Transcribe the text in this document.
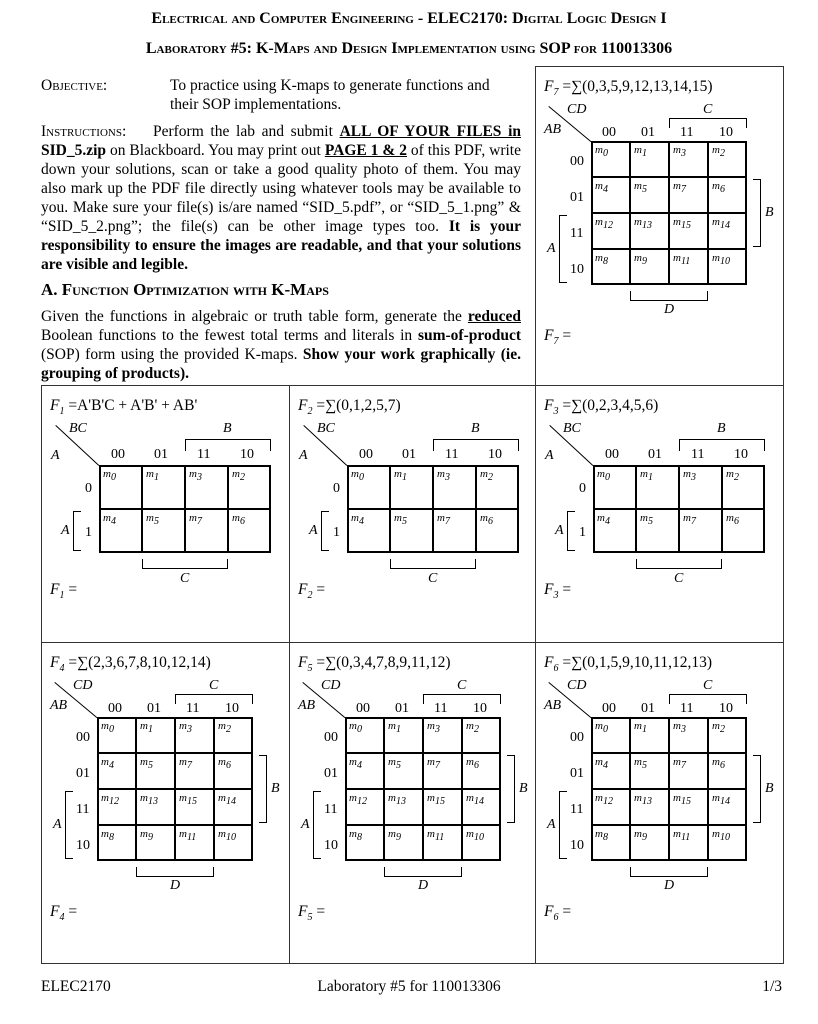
Electrical and Computer Engineering - ELEC2170: Digital Logic Design I
Laboratory #5: K-Maps and Design Implementation using SOP for 110013306
Objective:	To practice using K-maps to generate functions and their SOP implementations.
Instructions: Perform the lab and submit ALL OF YOUR FILES in SID_5.zip on Blackboard. You may print out PAGE 1 & 2 of this PDF, write down your solutions, scan or take a good quality photo of them. You may also mark up the PDF file directly using whatever tools may be available to you. Make sure your file(s) is/are named “SID_5.pdf”, or “SID_5_1.png” & “SID_5_2.png”; the file(s) can be other image types too. It is your responsibility to ensure the images are readable, and that your solutions are visible and legible.
A. Function Optimization with K-Maps
Given the functions in algebraic or truth table form, generate the reduced Boolean functions to the fewest total terms and literals in sum-of-product (SOP) form using the provided K-maps. Show your work graphically (ie. grouping of products).
$F_7 =\sum(0,3,5,9,12,13,14,15)$
CD
AB
C
00 01 11 10
$m_0$	$m_1$	$m_3$	$m_2$
$m_4$	$m_5$	$m_7$	$m_6$
$m_{12}$	$m_{13}$	$m_{15}$	$m_{14}$
$m_8$	$m_9$	$m_{11}$	$m_{10}$
00
01
11
10
B
A
D
$F_7$ =
$F_1 =A'B'C + A'B' + AB'$
BC
A
B
00 01 11 10
$m_0$	$m_1$	$m_3$	$m_2$
$m_4$	$m_5$	$m_7$	$m_6$
0
1
A
C
$F_1$ =
$F_2 =\sum(0,1,2,5,7)$
BC
A
B
00 01 11 10
$m_0$	$m_1$	$m_3$	$m_2$
$m_4$	$m_5$	$m_7$	$m_6$
0
1
A
C
$F_2$ =
$F_3 =\sum(0,2,3,4,5,6)$
BC
A
B
00 01 11 10
$m_0$	$m_1$	$m_3$	$m_2$
$m_4$	$m_5$	$m_7$	$m_6$
0
1
A
C
$F_3$ =
$F_4 =\sum(2,3,6,7,8,10,12,14)$
CD
AB
C
00 01 11 10
$m_0$	$m_1$	$m_3$	$m_2$
$m_4$	$m_5$	$m_7$	$m_6$
$m_{12}$	$m_{13}$	$m_{15}$	$m_{14}$
$m_8$	$m_9$	$m_{11}$	$m_{10}$
00
01
11
10
B
A
D
$F_4$ =
$F_5 =\sum(0,3,4,7,8,9,11,12)$
CD
AB
C
00 01 11 10
$m_0$	$m_1$	$m_3$	$m_2$
$m_4$	$m_5$	$m_7$	$m_6$
$m_{12}$	$m_{13}$	$m_{15}$	$m_{14}$
$m_8$	$m_9$	$m_{11}$	$m_{10}$
00
01
11
10
B
A
D
$F_5$ =
$F_6 =\sum(0,1,5,9,10,11,12,13)$
CD
AB
C
00 01 11 10
$m_0$	$m_1$	$m_3$	$m_2$
$m_4$	$m_5$	$m_7$	$m_6$
$m_{12}$	$m_{13}$	$m_{15}$	$m_{14}$
$m_8$	$m_9$	$m_{11}$	$m_{10}$
00
01
11
10
B
A
D
$F_6$ =
ELEC2170	Laboratory #5 for 110013306	1/3
